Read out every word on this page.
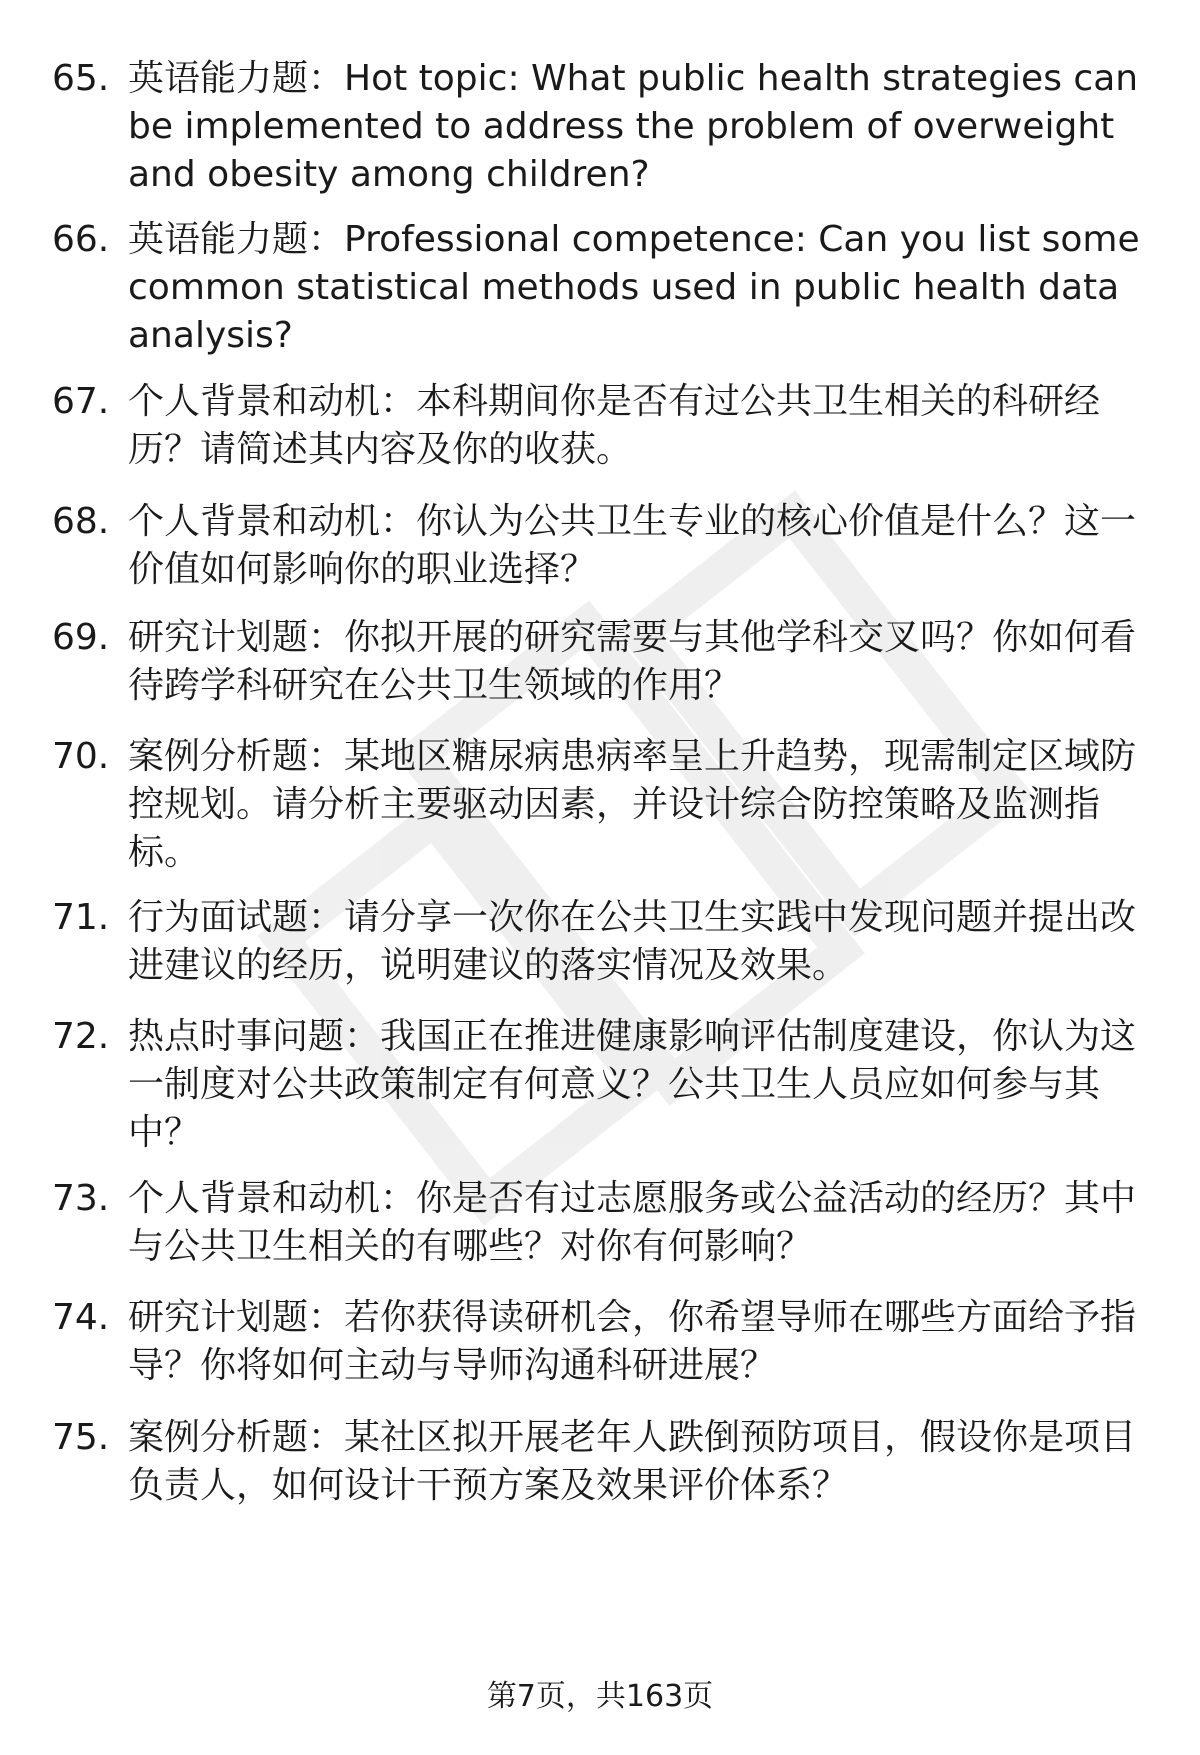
65. 英语能力题：Hot topic: What public health strategies can be implemented to address the problem of overweight and obesity among children?
66. 英语能力题：Professional competence: Can you list some common statistical methods used in public health data analysis?
67. 个人背景和动机：本科期间你是否有过公共卫生相关的科研经历？请简述其内容及你的收获。
68. 个人背景和动机：你认为公共卫生专业的核心价值是什么？这一价值如何影响你的职业选择？
69. 研究计划题：你拟开展的研究需要与其他学科交叉吗？你如何看待跨学科研究在公共卫生领域的作用？
70. 案例分析题：某地区糖尿病患病率呈上升趋势，现需制定区域防控规划。请分析主要驱动因素，并设计综合防控策略及监测指标。
71. 行为面试题：请分享一次你在公共卫生实践中发现问题并提出改进建议的经历，说明建议的落实情况及效果。
72. 热点时事问题：我国正在推进健康影响评估制度建设，你认为这一制度对公共政策制定有何意义？公共卫生人员应如何参与其中？
73. 个人背景和动机：你是否有过志愿服务或公益活动的经历？其中与公共卫生相关的有哪些？对你有何影响？
74. 研究计划题：若你获得读研机会，你希望导师在哪些方面给予指导？你将如何主动与导师沟通科研进展？
75. 案例分析题：某社区拟开展老年人跌倒预防项目，假设你是项目负责人，如何设计干预方案及效果评价体系？
第7页，共163页
